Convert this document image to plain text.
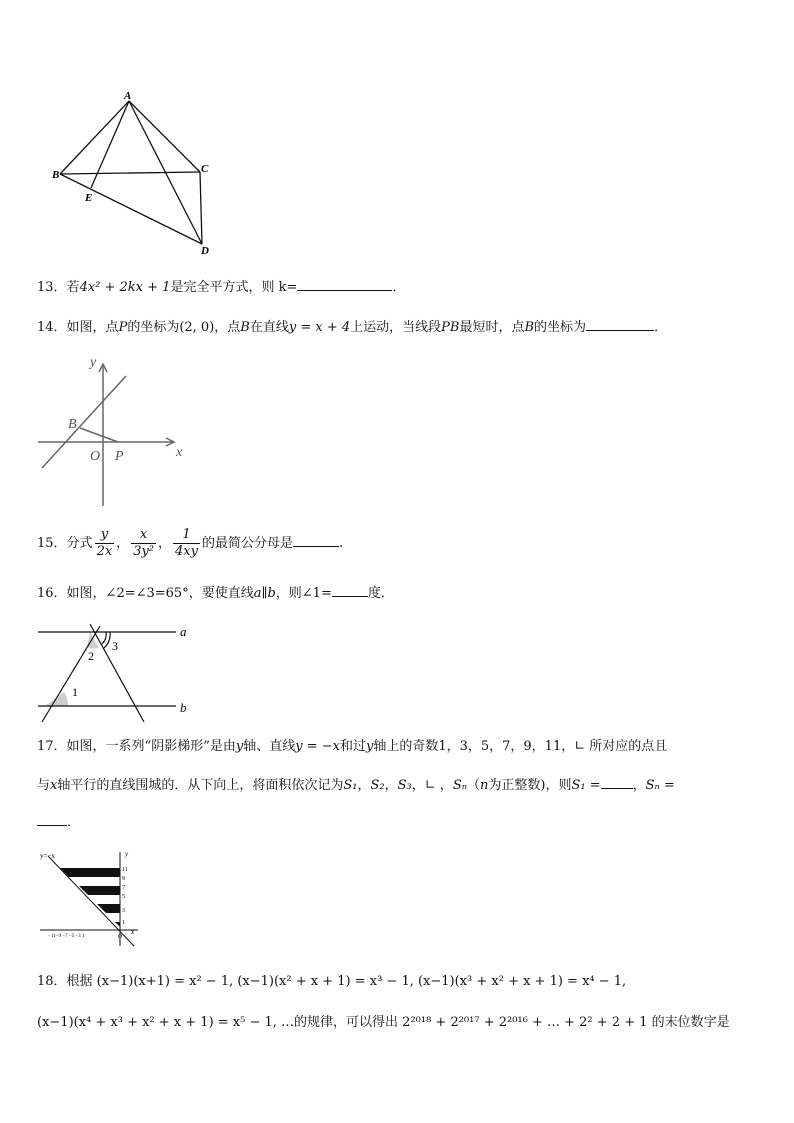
A
B	C
D
E
13．若4x² + 2kx + 1是完全平方式，则 k=	．
14．如图，点P的坐标为(2, 0)，点B在直线y = x + 4上运动，当线段PB最短时，点B的坐标为	．
y
x
O P
B
15．分式 $\frac{y}{2x}$ ， $\frac{x}{\text{3y²}}$ ， $\frac{1}{4xy}$ 的最简公分母是	.
16．如图，∠2=∠3=65°，要使直线a∥b，则∠1=	度．
a
b
1
2
3
17．如图，一系列“阴影梯形”是由y轴、直线y = −x和过y轴上的奇数1，3，5，7，9，11，∟ 所对应的点且
与x轴平行的直线围城的．从下向上，将面积依次记为S₁，S₂，S₃，∟ ，Sₙ（n为正整数)，则S₁ = ，Sₙ =
．
y=−x	y
x
11
9
7
5
3
1
−11−9 −7 −5 −3 1	O
18．根据 (x−1)(x+1) = x² − 1, (x−1)(x² + x + 1) = x³ − 1, (x−1)(x³ + x² + x + 1) = x⁴ − 1,
(x−1)(x⁴ + x³ + x² + x + 1) = x⁵ − 1, …的规律，可以得出 2²⁰¹⁸ + 2²⁰¹⁷ + 2²⁰¹⁶ + … + 2² + 2 + 1 的末位数字是
